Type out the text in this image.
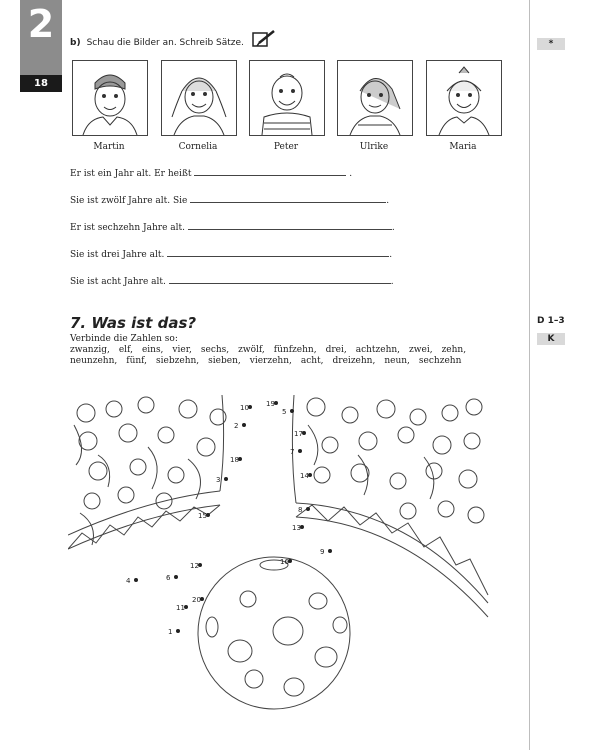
2
18
*
D 1–3
K
b) Schau die Bilder an. Schreib Sätze.
Martin	Cornelia	Peter	Ulrike	Maria
Er ist ein Jahr alt. Er heißt	.
Sie ist zwölf Jahre alt. Sie	.
Er ist sechzehn Jahre alt.	.
Sie ist drei Jahre alt.	.
Sie ist acht Jahre alt.	.
7. Was ist das?
Verbinde die Zahlen so:
zwanzig, elf, eins, vier, sechs, zwölf, fünfzehn, drei, achtzehn, zwei, zehn,neunzehn, fünf, siebzehn, sieben, vierzehn, acht, dreizehn, neun, sechzehn
1
2
3
4
5
6
7
8
9
10
11
12
13
14
15
16
17
18
19
20
